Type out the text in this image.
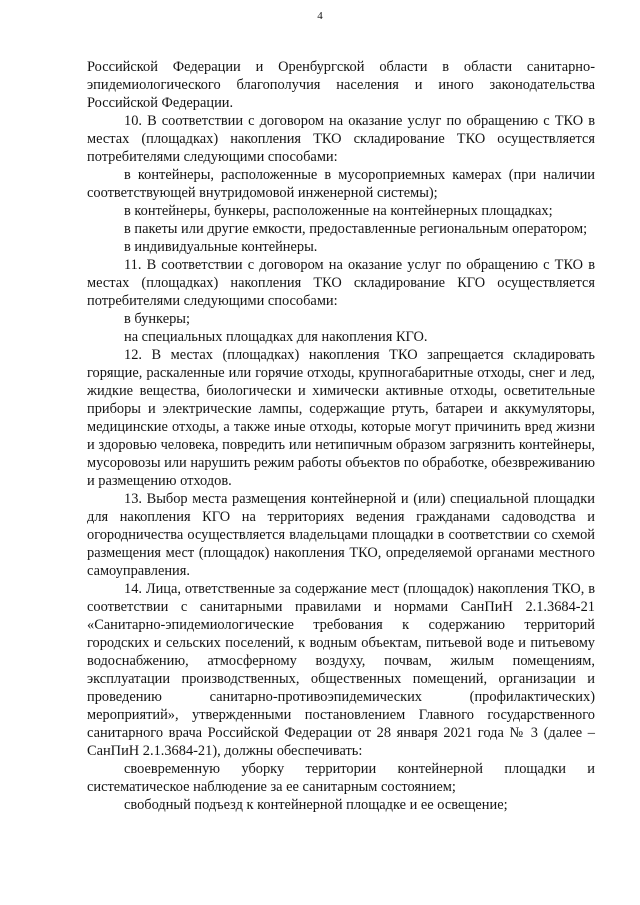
4

Российской Федерации и Оренбургской области в области санитарно-эпидемиологического благополучия населения и иного законодательства Российской Федерации.

10. В соответствии с договором на оказание услуг по обращению с ТКО в местах (площадках) накопления ТКО складирование ТКО осуществляется потребителями следующими способами:

в контейнеры, расположенные в мусороприемных камерах (при наличии соответствующей внутридомовой инженерной системы);

в контейнеры, бункеры, расположенные на контейнерных площадках;

в пакеты или другие емкости, предоставленные региональным оператором;

в индивидуальные контейнеры.

11. В соответствии с договором на оказание услуг по обращению с ТКО в местах (площадках) накопления ТКО складирование КГО осуществляется потребителями следующими способами:

в бункеры;

на специальных площадках для накопления КГО.

12. В местах (площадках) накопления ТКО запрещается складировать горящие, раскаленные или горячие отходы, крупногабаритные отходы, снег и лед, жидкие вещества, биологически и химически активные отходы, осветительные приборы и электрические лампы, содержащие ртуть, батареи и аккумуляторы, медицинские отходы, а также иные отходы, которые могут причинить вред жизни и здоровью человека, повредить или нетипичным образом загрязнить контейнеры, мусоровозы или нарушить режим работы объектов по обработке, обезвреживанию и размещению отходов.

13. Выбор места размещения контейнерной и (или) специальной площадки для накопления КГО на территориях ведения гражданами садоводства и огородничества осуществляется владельцами площадки в соответствии со схемой размещения мест (площадок) накопления ТКО, определяемой органами местного самоуправления.

14. Лица, ответственные за содержание мест (площадок) накопления ТКО, в соответствии с санитарными правилами и нормами СанПиН 2.1.3684-21 «Санитарно-эпидемиологические требования к содержанию территорий городских и сельских поселений, к водным объектам, питьевой воде и питьевому водоснабжению, атмосферному воздуху, почвам, жилым помещениям, эксплуатации производственных, общественных помещений, организации и проведению санитарно-противоэпидемических (профилактических) мероприятий», утвержденными постановлением Главного государственного санитарного врача Российской Федерации от 28 января 2021 года № 3 (далее – СанПиН 2.1.3684-21), должны обеспечивать:

своевременную уборку территории контейнерной площадки и систематическое наблюдение за ее санитарным состоянием;

свободный подъезд к контейнерной площадке и ее освещение;
